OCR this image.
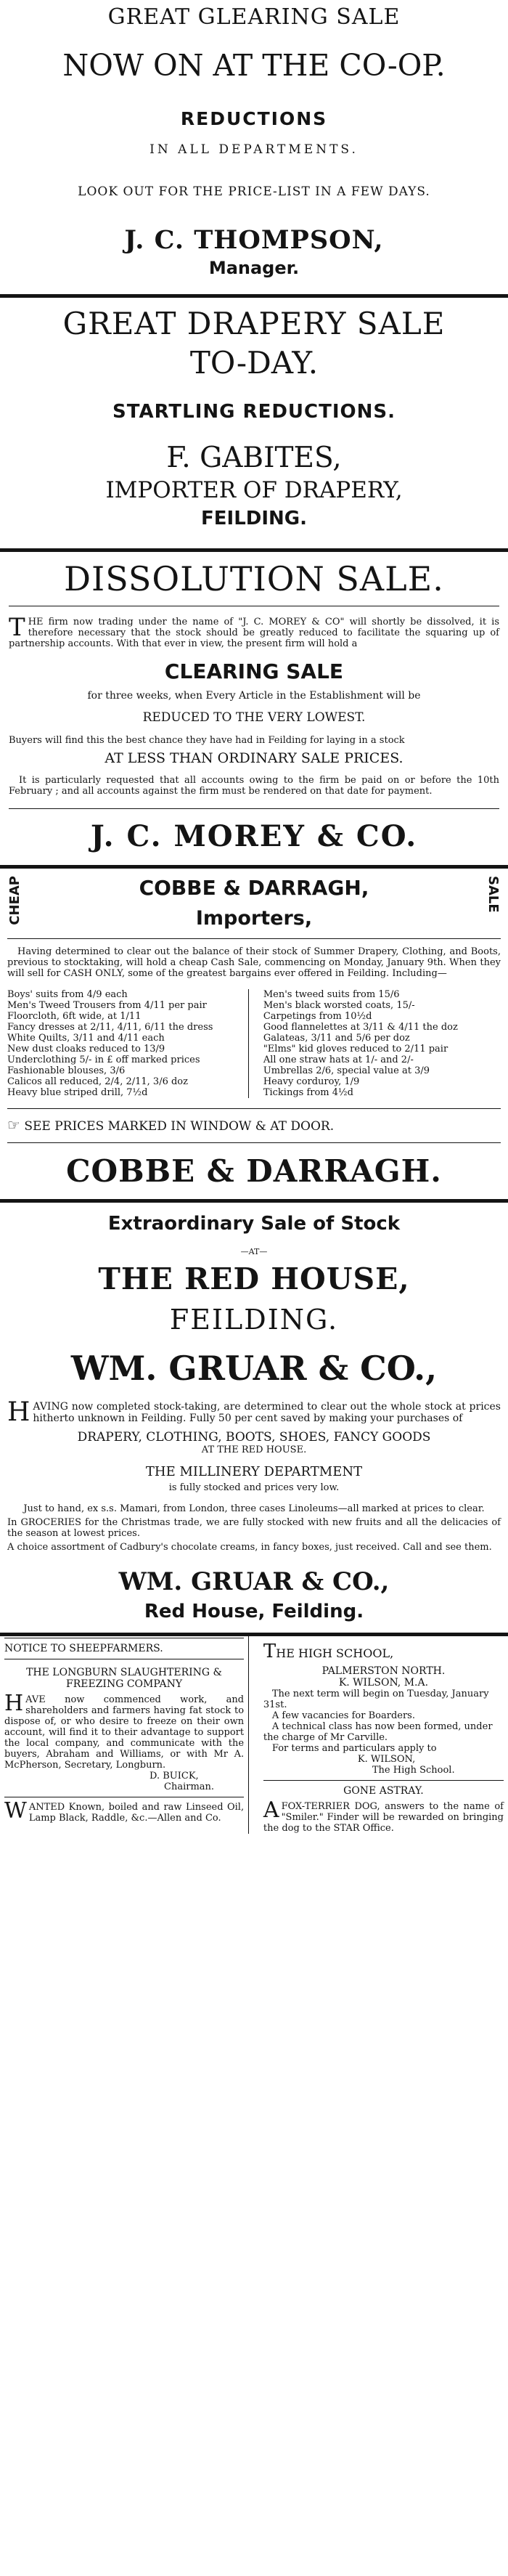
GREAT GLEARING SALE
NOW ON AT THE CO-OP.
REDUCTIONS
IN ALL DEPARTMENTS.
LOOK OUT FOR THE PRICE-LIST IN A FEW DAYS.
J. C. THOMPSON,
Manager.
GREAT DRAPERY SALE
TO-DAY.
STARTLING REDUCTIONS.
F. GABITES,
IMPORTER OF DRAPERY,
FEILDING.
DISSOLUTION SALE.

THE firm now trading under the name of "J. C. MOREY & CO" will shortly be dissolved, it is therefore necessary that the stock should be greatly reduced to facilitate the squaring up of partnership accounts. With that ever in view, the present firm will hold a

CLEARING SALE
for three weeks, when Every Article in the Establishment will be
REDUCED TO THE VERY LOWEST.

Buyers will find this the best chance they have had in Feilding for laying in a stock

AT LESS THAN ORDINARY SALE PRICES.

It is particularly requested that all accounts owing to the firm be paid on or before the 10th February ; and all accounts against the firm must be rendered on that date for payment.

J. C. MOREY & CO.
CHEAP	COBBE & DARRAGH,
Importers,
SALE

Having determined to clear out the balance of their stock of Summer Drapery, Clothing, and Boots, previous to stocktaking, will hold a cheap Cash Sale, commencing on Monday, January 9th. When they will sell for CASH ONLY, some of the greatest bargains ever offered in Feilding. Including—

Boys' suits from 4/9 each
Men's Tweed Trousers from 4/11 per pair
Floorcloth, 6ft wide, at 1/11
Fancy dresses at 2/11, 4/11, 6/11 the dress
White Quilts, 3/11 and 4/11 each
New dust cloaks reduced to 13/9
Underclothing 5/- in £ off marked prices
Fashionable blouses, 3/6
Calicos all reduced, 2/4, 2/11, 3/6 doz
Heavy blue striped drill, 7½d
Men's tweed suits from 15/6
Men's black worsted coats, 15/-
Carpetings from 10½d
Good flannelettes at 3/11 & 4/11 the doz
Galateas, 3/11 and 5/6 per doz
"Elms" kid gloves reduced to 2/11 pair
All one straw hats at 1/- and 2/-
Umbrellas 2/6, special value at 3/9
Heavy corduroy, 1/9
Tickings from 4½d
☞ SEE PRICES MARKED IN WINDOW & AT DOOR.
COBBE & DARRAGH.
Extraordinary Sale of Stock
—AT—
THE RED HOUSE,
FEILDING.
WM. GRUAR & CO.,

HAVING now completed stock-taking, are determined to clear out the whole stock at prices hitherto unknown in Feilding. Fully 50 per cent saved by making your purchases of

DRAPERY, CLOTHING, BOOTS, SHOES, FANCY GOODS
AT THE RED HOUSE.
THE MILLINERY DEPARTMENT
is fully stocked and prices very low.

Just to hand, ex s.s. Mamari, from London, three cases Linoleums—all marked at prices to clear.

In GROCERIES for the Christmas trade, we are fully stocked with new fruits and all the delicacies of the season at lowest prices.

A choice assortment of Cadbury's chocolate creams, in fancy boxes, just received. Call and see them.

WM. GRUAR & CO.,
Red House, Feilding.
NOTICE TO SHEEPFARMERS.
THE LONGBURN SLAUGHTERING & FREEZING COMPANY

HAVE now commenced work, and shareholders and farmers having fat stock to dispose of, or who desire to freeze on their own account, will find it to their advantage to support the local company, and communicate with the buyers, Abraham and Williams, or with Mr A. McPherson, Secretary, Longburn.

D. BUICK,
Chairman.

WANTED Known, boiled and raw Linseed Oil, Lamp Black, Raddle, &c.—Allen and Co.

THE HIGH SCHOOL,
PALMERSTON NORTH.
K. WILSON, M.A.

The next term will begin on Tuesday, January 31st.

A few vacancies for Boarders.

A technical class has now been formed, under the charge of Mr Carville.

For terms and particulars apply to

K. WILSON,
The High School.
GONE ASTRAY.

AFOX-TERRIER DOG, answers to the name of "Smiler." Finder will be rewarded on bringing the dog to the STAR Office.
